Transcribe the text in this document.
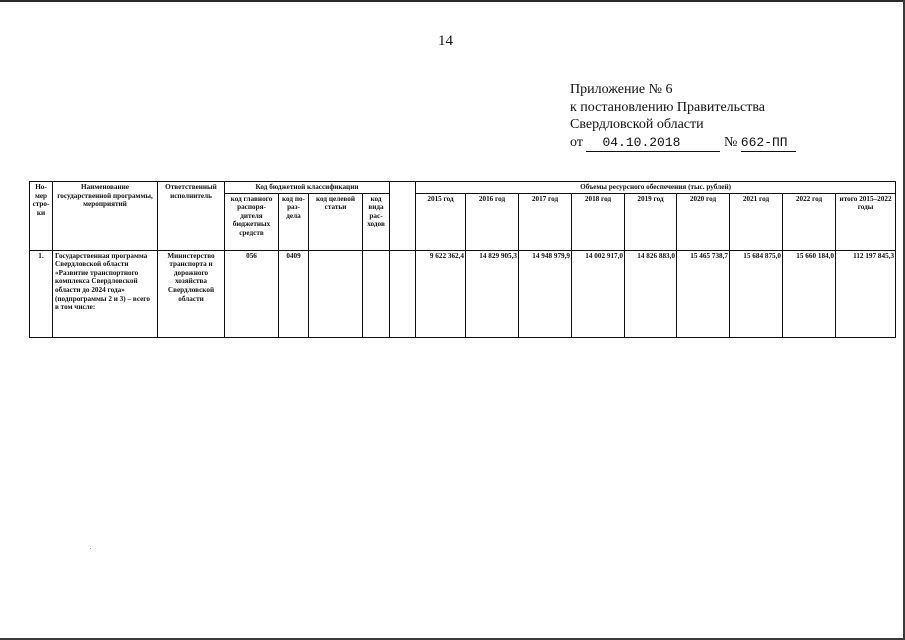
14
Приложение № 6
к постановлению Правительства
Свердловской области
от 04.10.2018	№ 662-ПП
Но-мер стро-ки	Наименование государственной программы, мероприятий	Ответственный исполнитель	Код бюджетной классификации					Объемы ресурсного обеспечения (тыс. рублей)								
			код главного распоря-дителя бюджетных средств	код по-раз-дела	код целевой статьи	код вида рас-ходов		2015 год	2016 год	2017 год	2018 год	2019 год	2020 год	2021 год	2022 год	итого 2015–2022 годы
1.	Государственная программа Свердловской области «Развитие транспортного комплекса Свердловской области до 2024 года» (подпрограммы 2 и 3) – всего в том числе:	Министерство транспорта и дорожного хозяйства Свердловской области	056	0409				9 622 362,4	14 829 905,3	14 948 979,9	14 002 917,0	14 826 883,0	15 465 738,7	15 684 875,0	15 660 184,0	112 197 845,3
